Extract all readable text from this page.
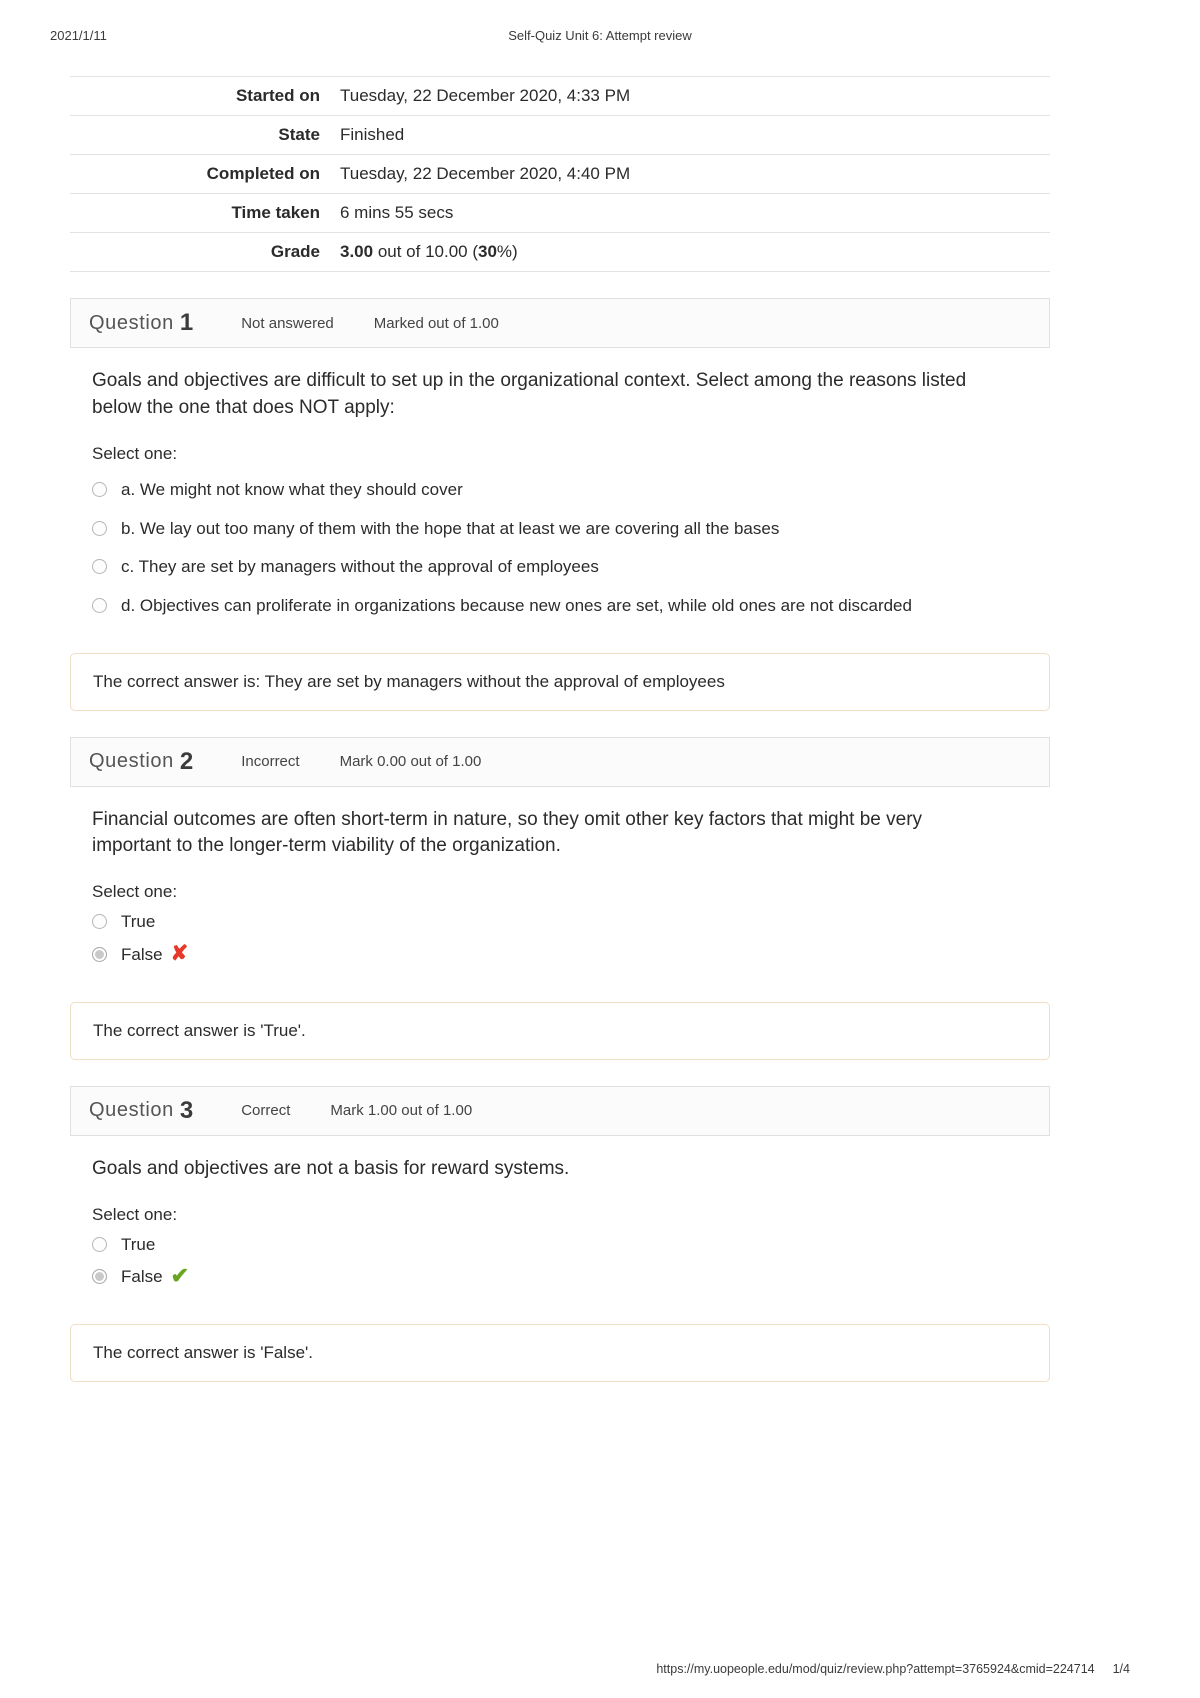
2021/1/11	Self-Quiz Unit 6: Attempt review
Started on	Tuesday, 22 December 2020, 4:33 PM
State	Finished
Completed on	Tuesday, 22 December 2020, 4:40 PM
Time taken	6 mins 55 secs
Grade	3.00 out of 10.00 (30%)
Question 1	Not answered	Marked out of 1.00
Goals and objectives are difficult to set up in the organizational context. Select among the reasons listed below the one that does NOT apply:
Select one:
a. We might not know what they should cover
b. We lay out too many of them with the hope that at least we are covering all the bases
c. They are set by managers without the approval of employees
d. Objectives can proliferate in organizations because new ones are set, while old ones are not discarded
The correct answer is: They are set by managers without the approval of employees
Question 2	Incorrect	Mark 0.00 out of 1.00
Financial outcomes are often short-term in nature, so they omit other key factors that might be very important to the longer-term viability of the organization.
Select one:
True
False ✘
The correct answer is 'True'.
Question 3	Correct	Mark 1.00 out of 1.00
Goals and objectives are not a basis for reward systems.
Select one:
True
False ✔
The correct answer is 'False'.
https://my.uopeople.edu/mod/quiz/review.php?attempt=3765924&cmid=224714 1/4
